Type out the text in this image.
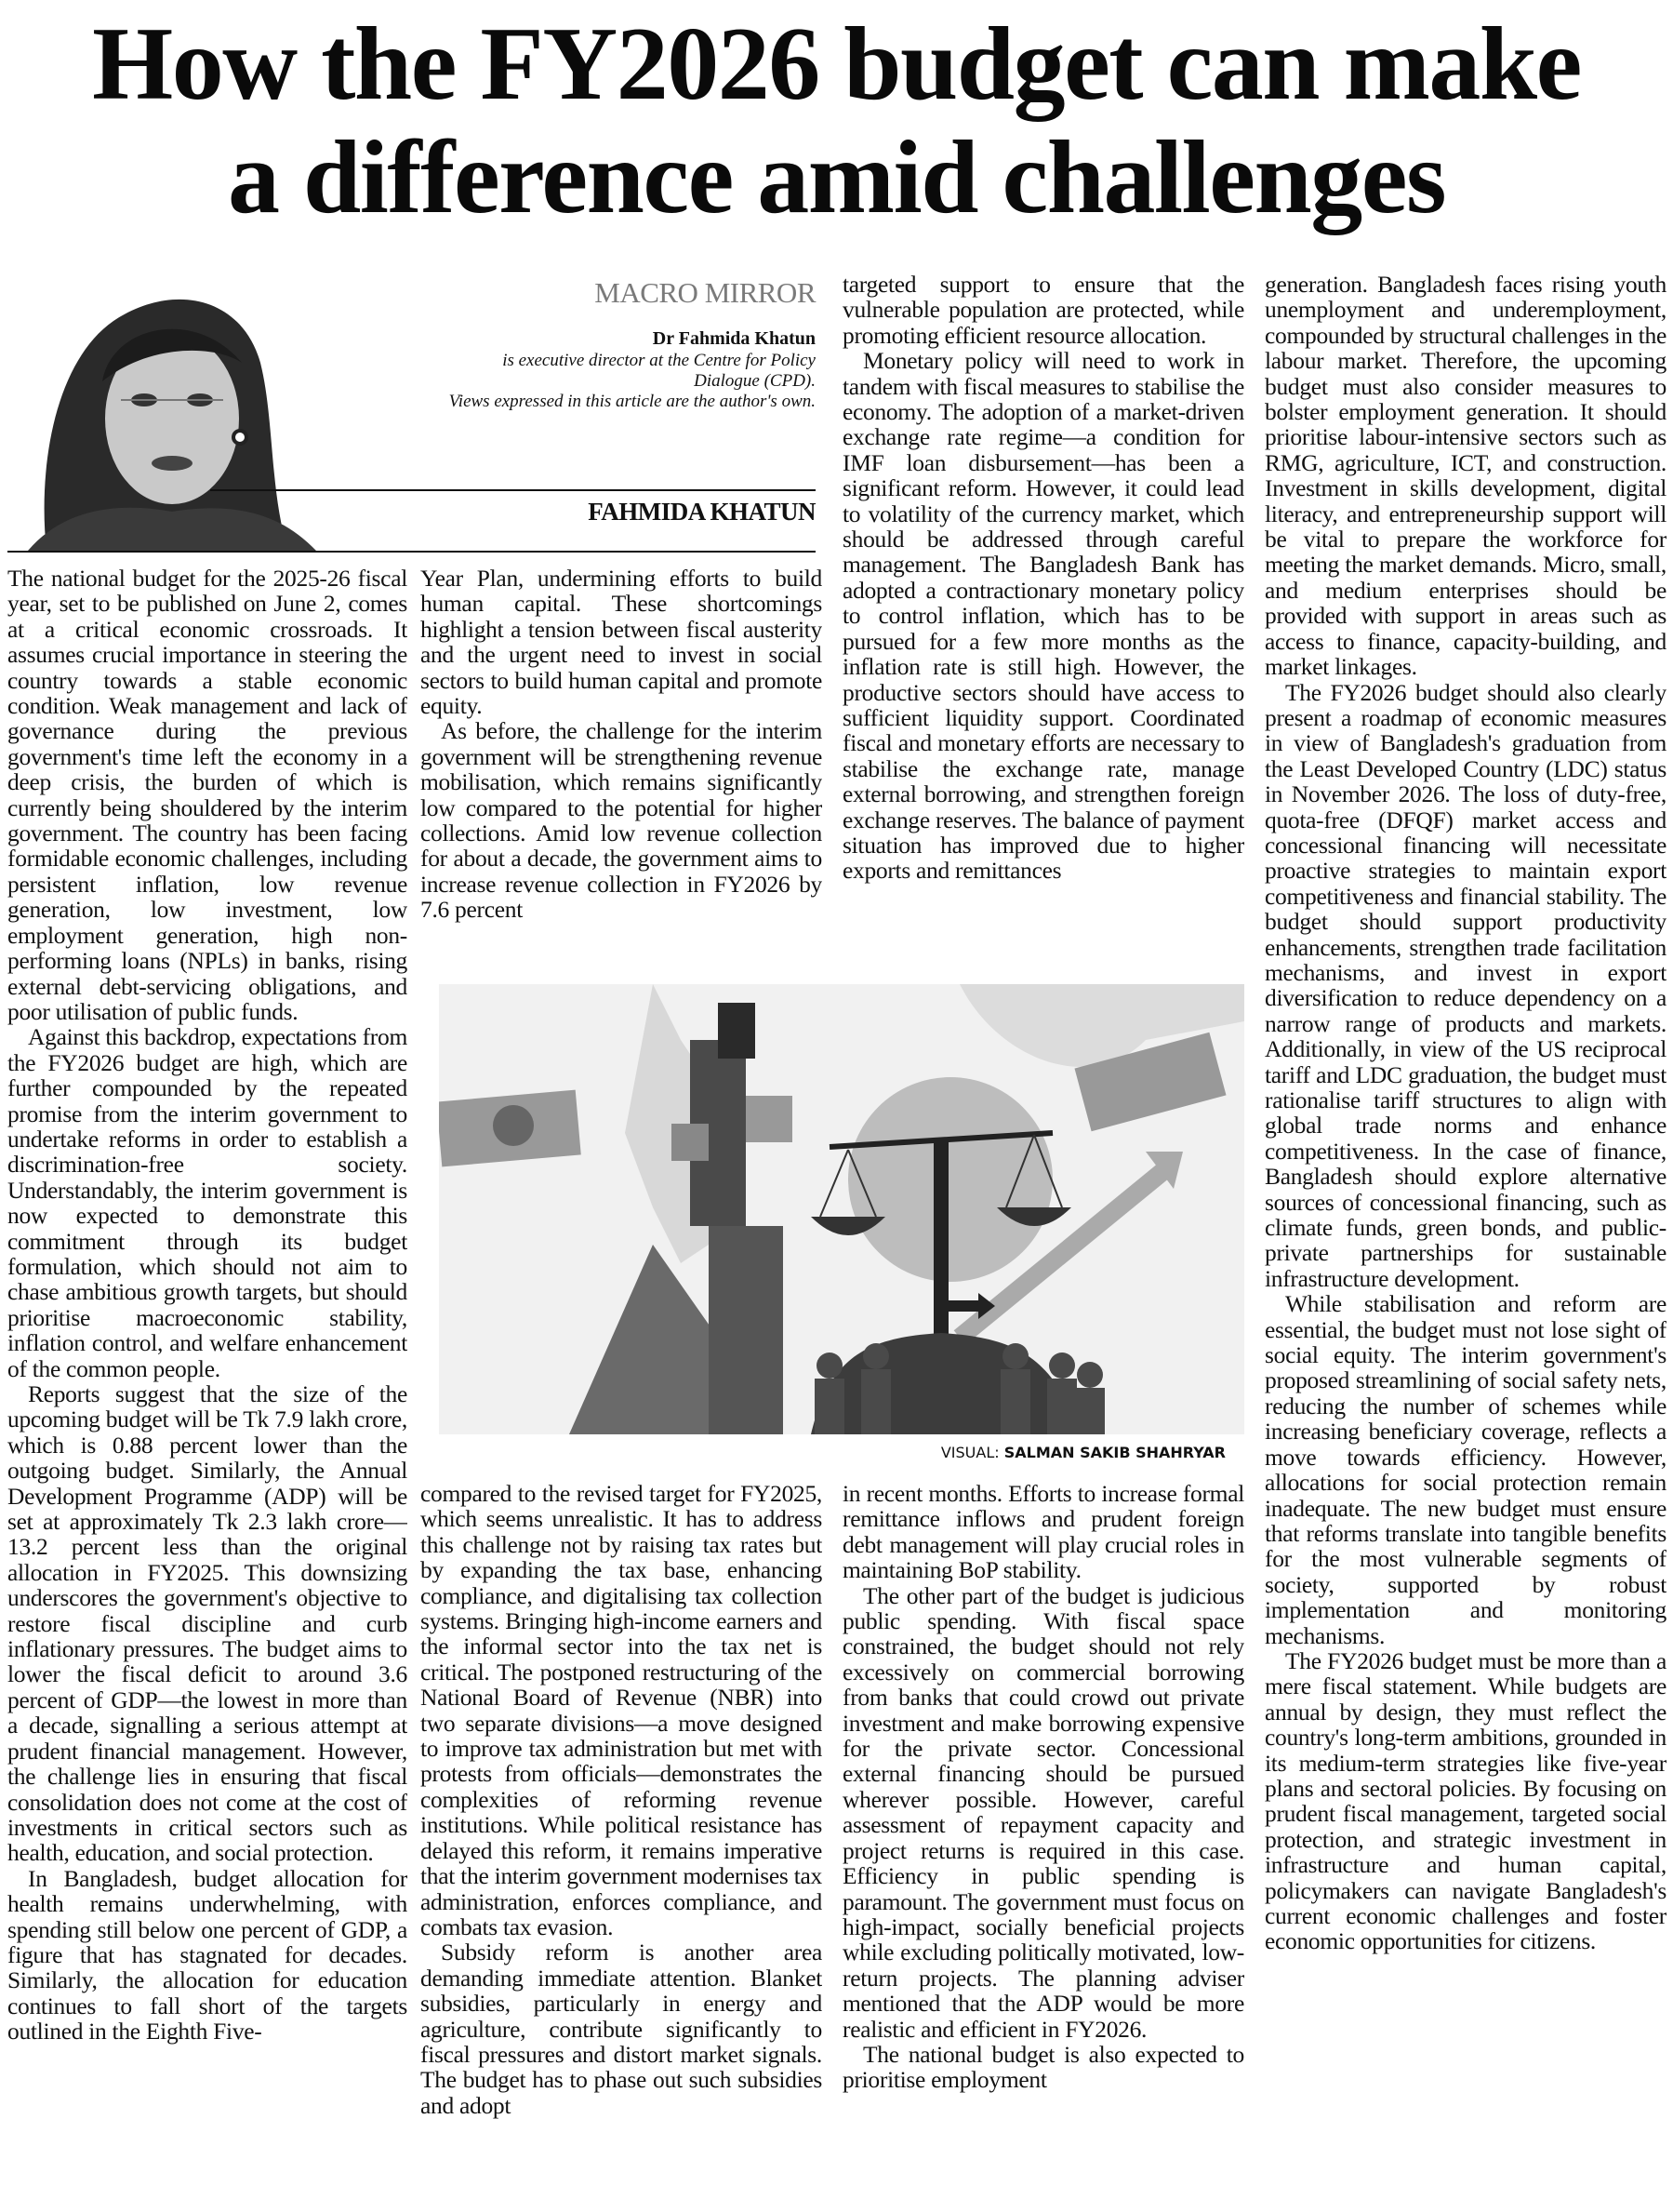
How the FY2026 budget can make
a difference amid challenges
MACRO MIRROR
Dr Fahmida Khatun
is executive director at the Centre for Policy
Dialogue (CPD).
Views expressed in this article are the author's own.
FAHMIDA KHATUN

The national budget for the 2025-26 fiscal year, set to be published on June 2, comes at a critical economic crossroads. It assumes crucial importance in steering the country towards a stable economic condition. Weak management and lack of governance during the previous government's time left the economy in a deep crisis, the burden of which is currently being shouldered by the interim government. The country has been facing formidable economic challenges, including persistent inflation, low revenue generation, low investment, low employment generation, high non-performing loans (NPLs) in banks, rising external debt-servicing obligations, and poor utilisation of public funds.

Against this backdrop, expectations from the FY2026 budget are high, which are further compounded by the repeated promise from the interim government to undertake reforms in order to establish a discrimination-free society. Understandably, the interim government is now expected to demonstrate this commitment through its budget formulation, which should not aim to chase ambitious growth targets, but should prioritise macroeconomic stability, inflation control, and welfare enhancement of the common people.

Reports suggest that the size of the upcoming budget will be Tk 7.9 lakh crore, which is 0.88 percent lower than the outgoing budget. Similarly, the Annual Development Programme (ADP) will be set at approximately Tk 2.3 lakh crore—13.2 percent less than the original allocation in FY2025. This downsizing underscores the government's objective to restore fiscal discipline and curb inflationary pressures. The budget aims to lower the fiscal deficit to around 3.6 percent of GDP—the lowest in more than a decade, signalling a serious attempt at prudent financial management. However, the challenge lies in ensuring that fiscal consolidation does not come at the cost of investments in critical sectors such as health, education, and social protection.

In Bangladesh, budget allocation for health remains underwhelming, with spending still below one percent of GDP, a figure that has stagnated for decades. Similarly, the allocation for education continues to fall short of the targets outlined in the Eighth Five-

Year Plan, undermining efforts to build human capital. These shortcomings highlight a tension between fiscal austerity and the urgent need to invest in social sectors to build human capital and promote equity.

As before, the challenge for the interim government will be strengthening revenue mobilisation, which remains significantly low compared to the potential for higher collections. Amid low revenue collection for about a decade, the government aims to increase revenue collection in FY2026 by 7.6 percent

targeted support to ensure that the vulnerable population are protected, while promoting efficient resource allocation.

Monetary policy will need to work in tandem with fiscal measures to stabilise the economy. The adoption of a market-driven exchange rate regime—a condition for IMF loan disbursement—has been a significant reform. However, it could lead to volatility of the currency market, which should be addressed through careful management. The Bangladesh Bank has adopted a contractionary monetary policy to control inflation, which has to be pursued for a few more months as the inflation rate is still high. However, the productive sectors should have access to sufficient liquidity support. Coordinated fiscal and monetary efforts are necessary to stabilise the exchange rate, manage external borrowing, and strengthen foreign exchange reserves. The balance of payment situation has improved due to higher exports and remittances

VISUAL: SALMAN SAKIB SHAHRYAR

compared to the revised target for FY2025, which seems unrealistic. It has to address this challenge not by raising tax rates but by expanding the tax base, enhancing compliance, and digitalising tax collection systems. Bringing high-income earners and the informal sector into the tax net is critical. The postponed restructuring of the National Board of Revenue (NBR) into two separate divisions—a move designed to improve tax administration but met with protests from officials—demonstrates the complexities of reforming revenue institutions. While political resistance has delayed this reform, it remains imperative that the interim government modernises tax administration, enforces compliance, and combats tax evasion.

Subsidy reform is another area demanding immediate attention. Blanket subsidies, particularly in energy and agriculture, contribute significantly to fiscal pressures and distort market signals. The budget has to phase out such subsidies and adopt

in recent months. Efforts to increase formal remittance inflows and prudent foreign debt management will play crucial roles in maintaining BoP stability.

The other part of the budget is judicious public spending. With fiscal space constrained, the budget should not rely excessively on commercial borrowing from banks that could crowd out private investment and make borrowing expensive for the private sector. Concessional external financing should be pursued wherever possible. However, careful assessment of repayment capacity and project returns is required in this case. Efficiency in public spending is paramount. The government must focus on high-impact, socially beneficial projects while excluding politically motivated, low-return projects. The planning adviser mentioned that the ADP would be more realistic and efficient in FY2026.

The national budget is also expected to prioritise employment

generation. Bangladesh faces rising youth unemployment and underemployment, compounded by structural challenges in the labour market. Therefore, the upcoming budget must also consider measures to bolster employment generation. It should prioritise labour-intensive sectors such as RMG, agriculture, ICT, and construction. Investment in skills development, digital literacy, and entrepreneurship support will be vital to prepare the workforce for meeting the market demands. Micro, small, and medium enterprises should be provided with support in areas such as access to finance, capacity-building, and market linkages.

The FY2026 budget should also clearly present a roadmap of economic measures in view of Bangladesh's graduation from the Least Developed Country (LDC) status in November 2026. The loss of duty-free, quota-free (DFQF) market access and concessional financing will necessitate proactive strategies to maintain export competitiveness and financial stability. The budget should support productivity enhancements, strengthen trade facilitation mechanisms, and invest in export diversification to reduce dependency on a narrow range of products and markets. Additionally, in view of the US reciprocal tariff and LDC graduation, the budget must rationalise tariff structures to align with global trade norms and enhance competitiveness. In the case of finance, Bangladesh should explore alternative sources of concessional financing, such as climate funds, green bonds, and public-private partnerships for sustainable infrastructure development.

While stabilisation and reform are essential, the budget must not lose sight of social equity. The interim government's proposed streamlining of social safety nets, reducing the number of schemes while increasing beneficiary coverage, reflects a move towards efficiency. However, allocations for social protection remain inadequate. The new budget must ensure that reforms translate into tangible benefits for the most vulnerable segments of society, supported by robust implementation and monitoring mechanisms.

The FY2026 budget must be more than a mere fiscal statement. While budgets are annual by design, they must reflect the country's long-term ambitions, grounded in its medium-term strategies like five-year plans and sectoral policies. By focusing on prudent fiscal management, targeted social protection, and strategic investment in infrastructure and human capital, policymakers can navigate Bangladesh's current economic challenges and foster economic opportunities for citizens.
